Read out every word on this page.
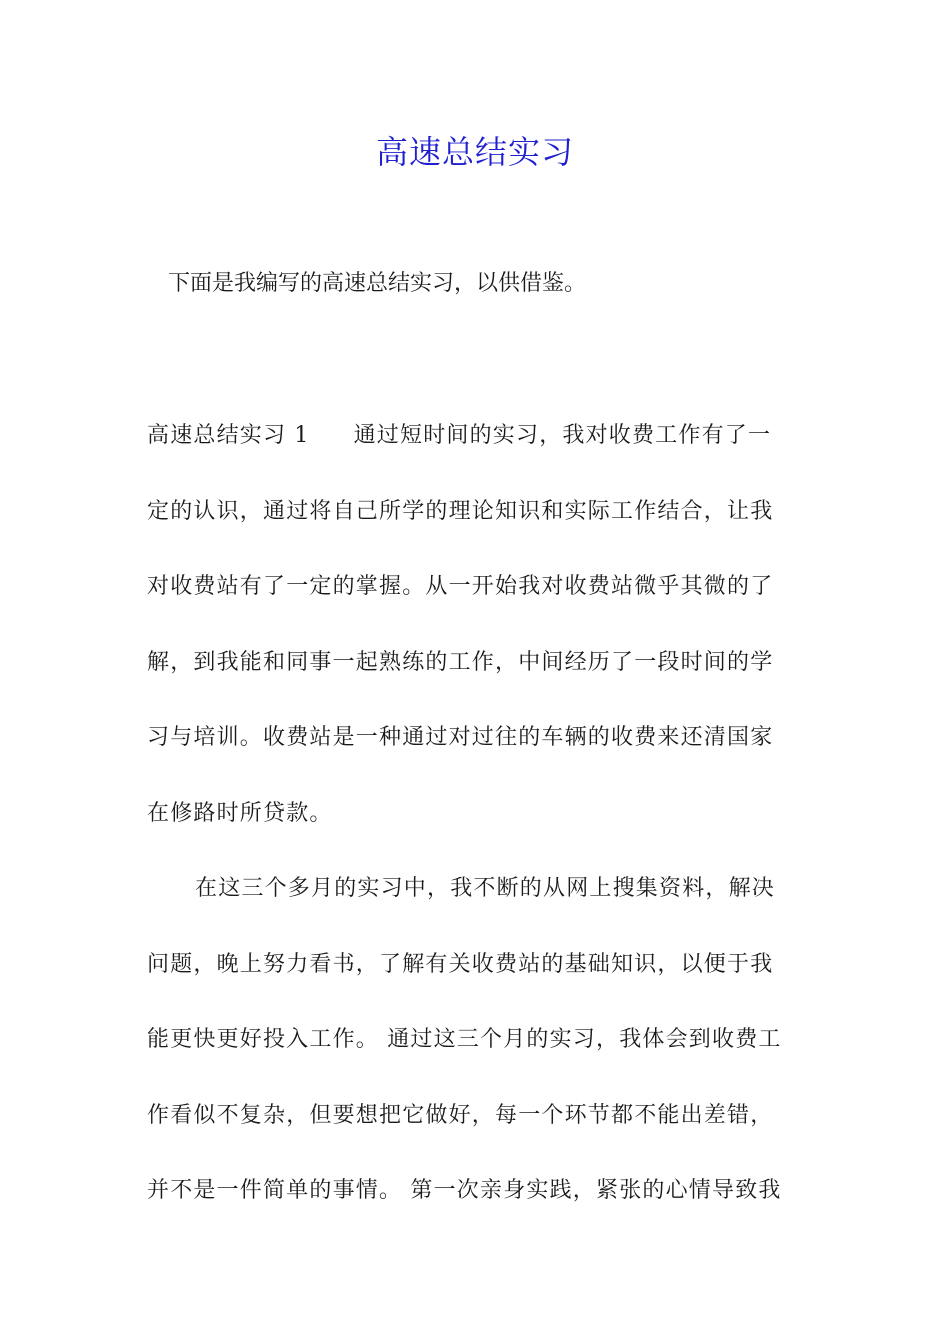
高速总结实习

下面是我编写的高速总结实习，以供借鉴。

高速总结实习 1 通过短时间的实习，我对收费工作有了一
定的认识，通过将自己所学的理论知识和实际工作结合，让我
对收费站有了一定的掌握。从一开始我对收费站微乎其微的了
解，到我能和同事一起熟练的工作，中间经历了一段时间的学
习与培训。收费站是一种通过对过往的车辆的收费来还清国家
在修路时所贷款。
在这三个多月的实习中，我不断的从网上搜集资料，解决
问题，晚上努力看书，了解有关收费站的基础知识，以便于我
能更快更好投入工作。 通过这三个月的实习，我体会到收费工
作看似不复杂，但要想把它做好，每一个环节都不能出差错，
并不是一件简单的事情。 第一次亲身实践，紧张的心情导致我
